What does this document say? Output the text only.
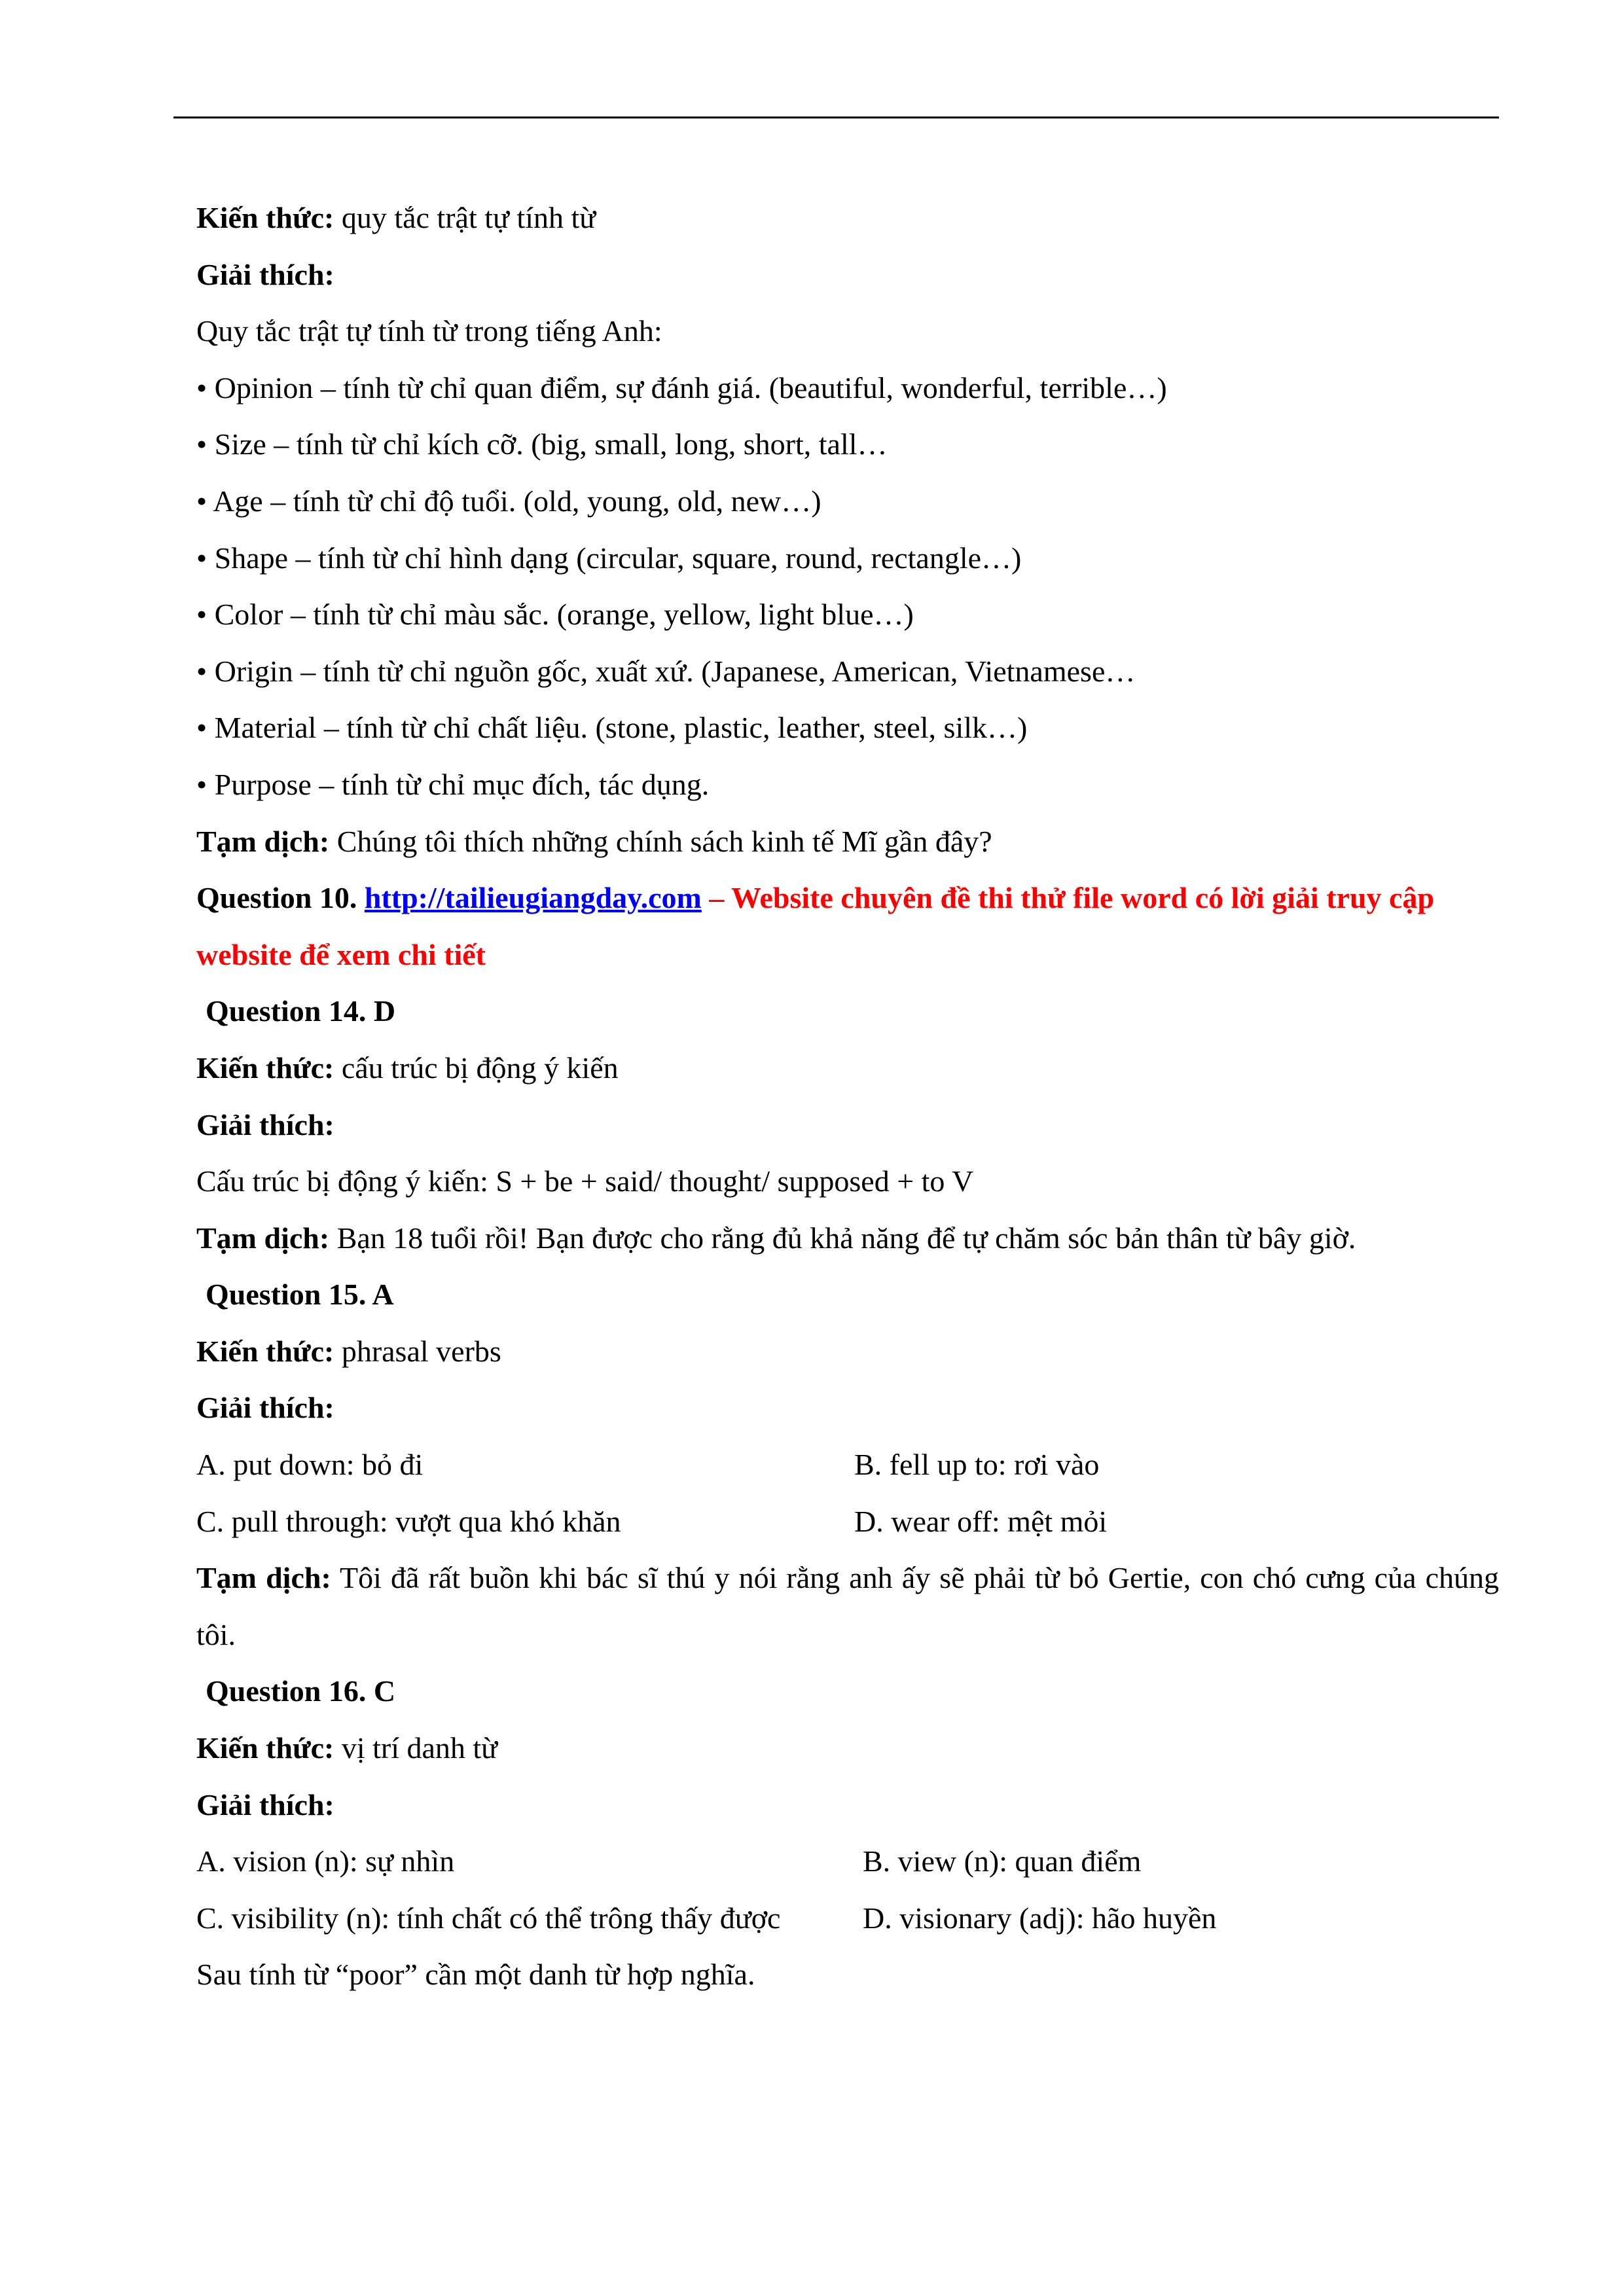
Kiến thức: quy tắc trật tự tính từ
Giải thích:
Quy tắc trật tự tính từ trong tiếng Anh:
• Opinion – tính từ chỉ quan điểm, sự đánh giá. (beautiful, wonderful, terrible…)
• Size – tính từ chỉ kích cỡ. (big, small, long, short, tall…
• Age – tính từ chỉ độ tuổi. (old, young, old, new…)
• Shape – tính từ chỉ hình dạng (circular, square, round, rectangle…)
• Color – tính từ chỉ màu sắc. (orange, yellow, light blue…)
• Origin – tính từ chỉ nguồn gốc, xuất xứ. (Japanese, American, Vietnamese…
• Material – tính từ chỉ chất liệu. (stone, plastic, leather, steel, silk…)
• Purpose – tính từ chỉ mục đích, tác dụng.
Tạm dịch: Chúng tôi thích những chính sách kinh tế Mĩ gần đây?
Question 10. http://tailieugiangday.com – Website chuyên đề thi thử file word có lời giải truy cập website để xem chi tiết
Question 14. D
Kiến thức: cấu trúc bị động ý kiến
Giải thích:
Cấu trúc bị động ý kiến: S + be + said/ thought/ supposed + to V
Tạm dịch: Bạn 18 tuổi rồi! Bạn được cho rằng đủ khả năng để tự chăm sóc bản thân từ bây giờ.
Question 15. A
Kiến thức: phrasal verbs
Giải thích:
A. put down: bỏ đi	B. fell up to: rơi vào
C. pull through: vượt qua khó khăn	D. wear off: mệt mỏi
Tạm dịch: Tôi đã rất buồn khi bác sĩ thú y nói rằng anh ấy sẽ phải từ bỏ Gertie, con chó cưng của chúng tôi.
Question 16. C
Kiến thức: vị trí danh từ
Giải thích:
A. vision (n): sự nhìn	B. view (n): quan điểm
C. visibility (n): tính chất có thể trông thấy được	D. visionary (adj): hão huyền
Sau tính từ “poor” cần một danh từ hợp nghĩa.
